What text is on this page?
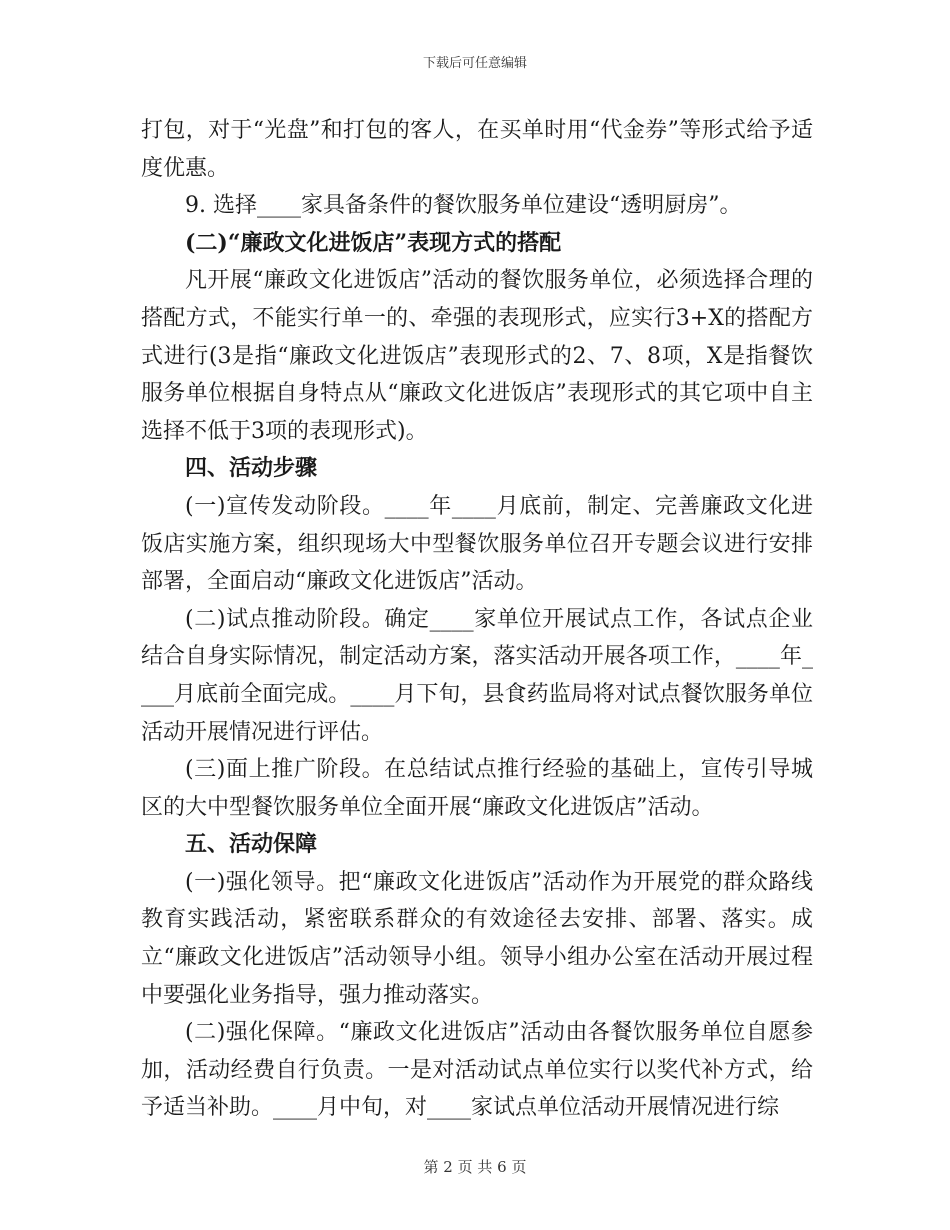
下载后可任意编辑

打包，对于“光盘”和打包的客人，在买单时用“代金券”等形式给予适度优惠。

9. 选择____家具备条件的餐饮服务单位建设“透明厨房”。

(二)“廉政文化进饭店”表现方式的搭配

凡开展“廉政文化进饭店”活动的餐饮服务单位，必须选择合理的搭配方式，不能实行单一的、牵强的表现形式，应实行3+X的搭配方式进行(3是指“廉政文化进饭店”表现形式的2、7、8项，X是指餐饮服务单位根据自身特点从“廉政文化进饭店”表现形式的其它项中自主选择不低于3项的表现形式)。

四、活动步骤

(一)宣传发动阶段。____年____月底前，制定、完善廉政文化进饭店实施方案，组织现场大中型餐饮服务单位召开专题会议进行安排部署，全面启动“廉政文化进饭店”活动。

(二)试点推动阶段。确定____家单位开展试点工作，各试点企业结合自身实际情况，制定活动方案，落实活动开展各项工作，____年____月底前全面完成。____月下旬，县食药监局将对试点餐饮服务单位活动开展情况进行评估。

(三)面上推广阶段。在总结试点推行经验的基础上，宣传引导城区的大中型餐饮服务单位全面开展“廉政文化进饭店”活动。

五、活动保障

(一)强化领导。把“廉政文化进饭店”活动作为开展党的群众路线教育实践活动，紧密联系群众的有效途径去安排、部署、落实。成立“廉政文化进饭店”活动领导小组。领导小组办公室在活动开展过程中要强化业务指导，强力推动落实。

(二)强化保障。“廉政文化进饭店”活动由各餐饮服务单位自愿参加，活动经费自行负责。一是对活动试点单位实行以奖代补方式，给予适当补助。____月中旬，对____家试点单位活动开展情况进行综

第 2 页 共 6 页
